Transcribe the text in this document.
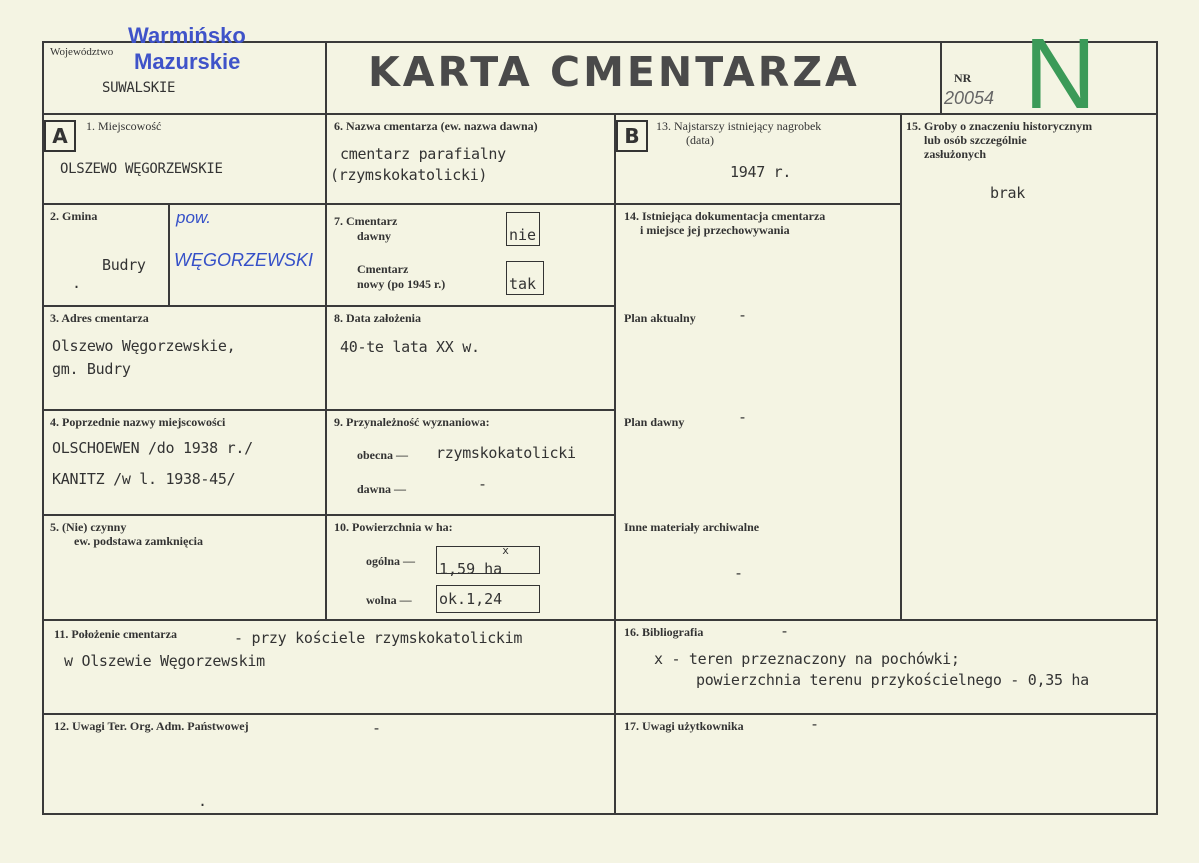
Województwo
Warmińsko
Mazurskie
SUWALSKIE	KARTA CMENTARZA	NR
20054 N
A	B
1. Miejscowość
OLSZEWO WĘGORZEWSKIE
2. Gmina
Budry
.
pow.
WĘGORZEWSKI
3. Adres cmentarza
Olszewo Węgorzewskie,
gm. Budry
4. Poprzednie nazwy miejscowości
OLSCHOEWEN /do 1938 r./
KANITZ /w l. 1938-45/
5. (Nie) czynny
ew. podstawa zamknięcia
6. Nazwa cmentarza (ew. nazwa dawna)
cmentarz parafialny
(rzymskokatolicki)
7. Cmentarz
dawny	nie
Cmentarz
nowy (po 1945 r.)	tak
8. Data założenia
40-te lata XX w.
9. Przynależność wyznaniowa:
obecna — rzymskokatolicki
dawna —	-
10. Powierzchnia w ha:
ogólna — 1,59 $ha^x$
wolna — ok.1,24
11. Położenie cmentarza	- przy kościele rzymskokatolickim
w Olszewie Węgorzewskim
12. Uwagi Ter. Org. Adm. Państwowej	-
.
13. Najstarszy istniejący nagrobek
(data)
1947 r.
14. Istniejąca dokumentacja cmentarza
i miejsce jej przechowywania
Plan aktualny	-
Plan dawny	-
Inne materiały archiwalne
-
15. Groby o znaczeniu historycznym
lub osób szczególnie
zasłużonych
brak
16. Bibliografia	-
x - teren przeznaczony na pochówki;
powierzchnia terenu przykościelnego - 0,35 ha
17. Uwagi użytkownika	-
